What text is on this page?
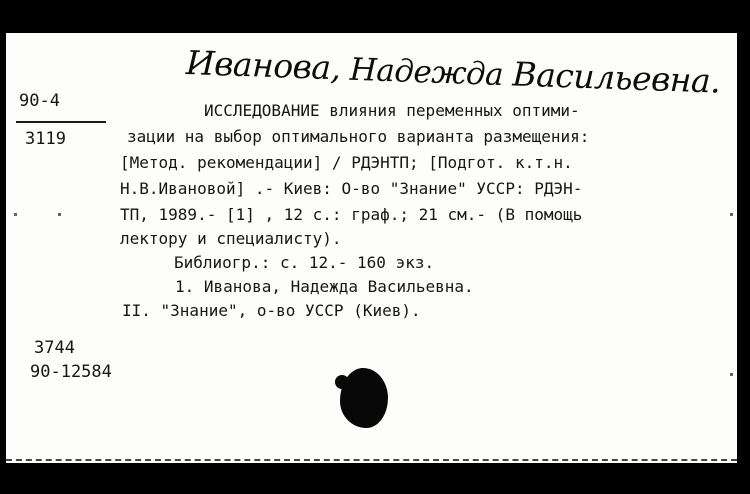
Иванова, Надежда Васильевна.
90-4
3119
ИССЛЕДОВАНИЕ влияния переменных оптими-
зации на выбор оптимального варианта размещения:
[Метод. рекомендации] / РДЭНТП; [Подгот. к.т.н.
Н.В.Ивановой] .- Киев: О-во "Знание" УССР: РДЭН-
ТП, 1989.- [1] , 12 с.: граф.; 21 см.- (В помощь
лектору и специалисту).
Библиогр.: с. 12.- 160 экз.
1. Иванова, Надежда Васильевна.
II. "Знание", о-во УССР (Киев).
3744
90-12584
